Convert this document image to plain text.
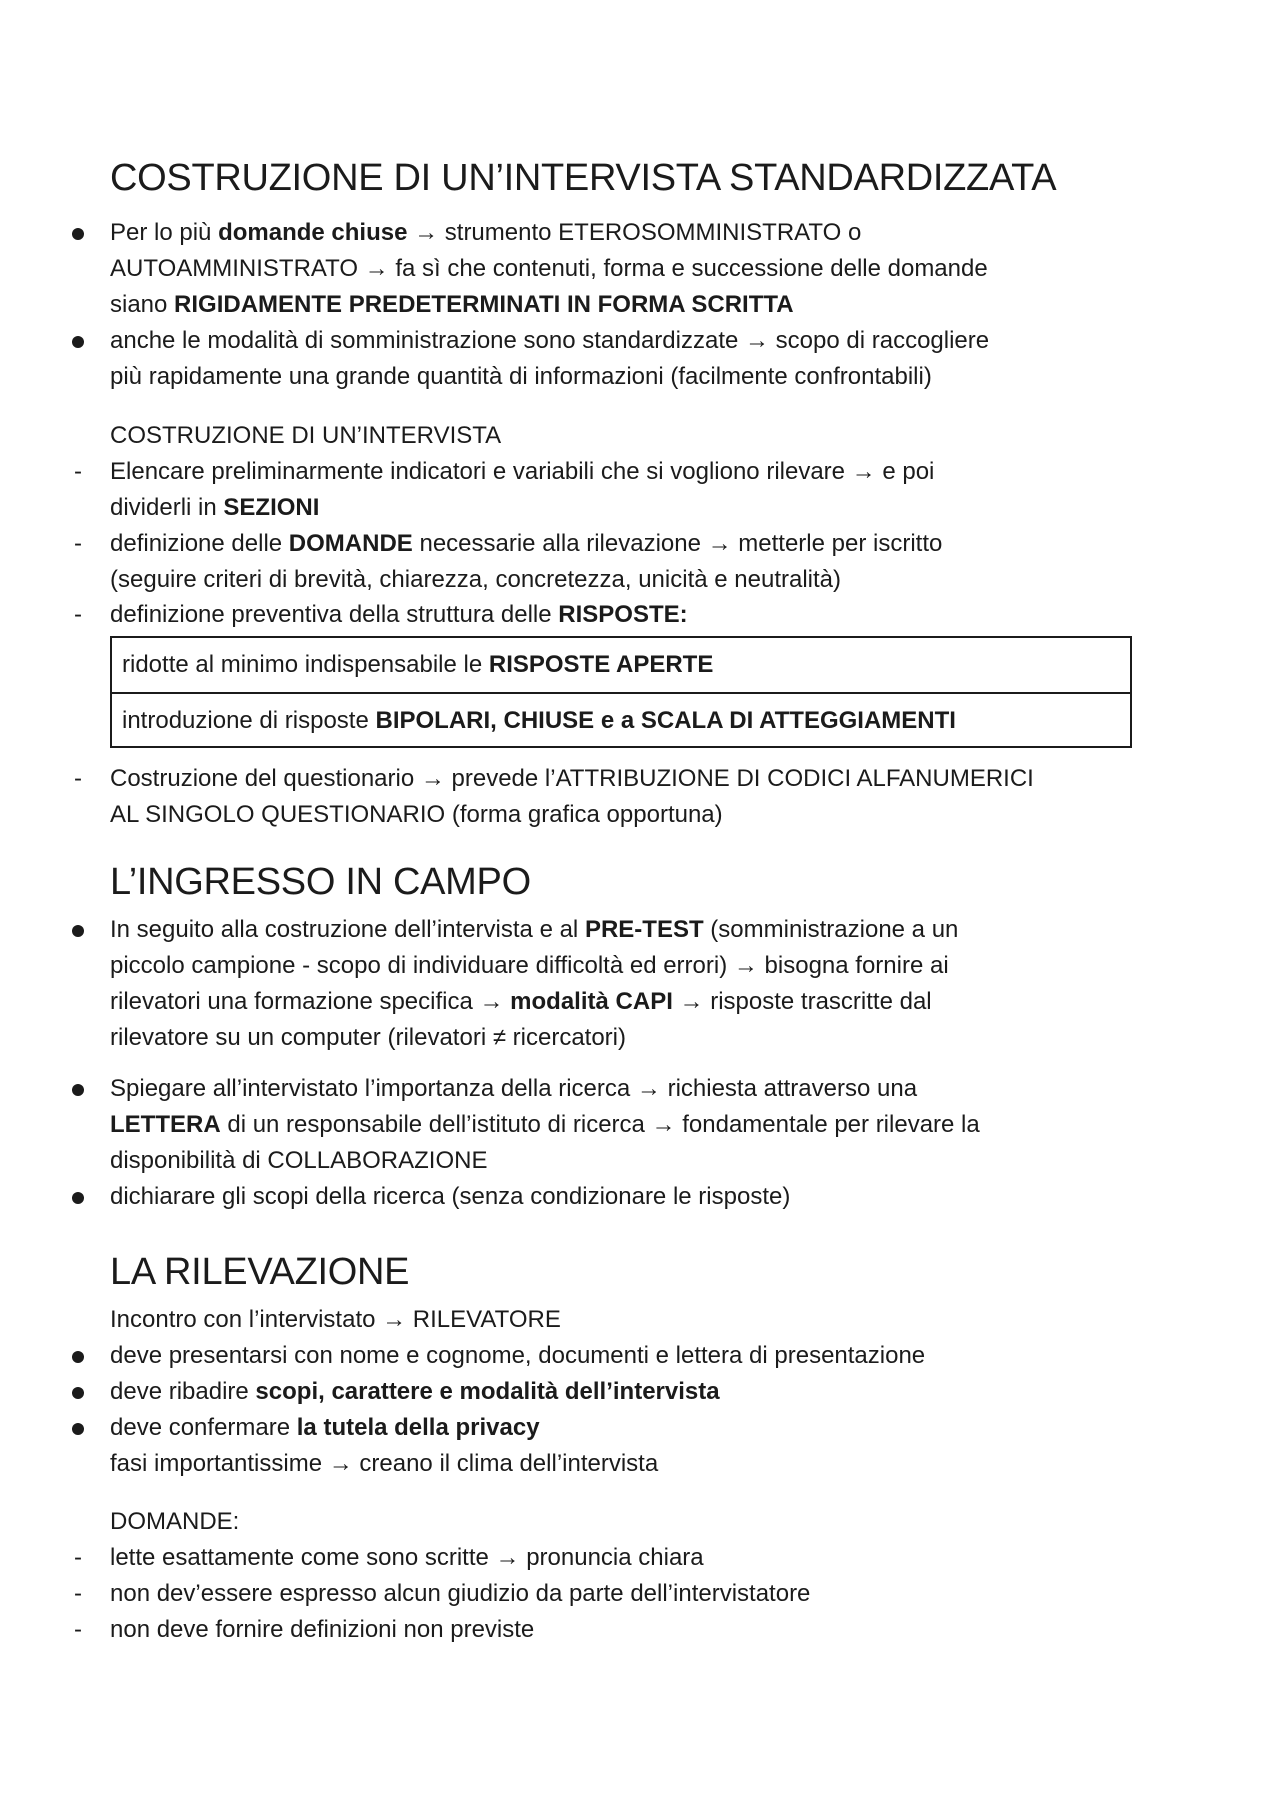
COSTRUZIONE DI UN’INTERVISTA STANDARDIZZATA
Per lo più domande chiuse → strumento ETEROSOMMINISTRATO o
AUTOAMMINISTRATO → fa sì che contenuti, forma e successione delle domande
siano RIGIDAMENTE PREDETERMINATI IN FORMA SCRITTA
anche le modalità di somministrazione sono standardizzate → scopo di raccogliere
più rapidamente una grande quantità di informazioni (facilmente confrontabili)
COSTRUZIONE DI UN’INTERVISTA
- Elencare preliminarmente indicatori e variabili che si vogliono rilevare → e poi
dividerli in SEZIONI
- definizione delle DOMANDE necessarie alla rilevazione → metterle per iscritto
(seguire criteri di brevità, chiarezza, concretezza, unicità e neutralità)
- definizione preventiva della struttura delle RISPOSTE:
ridotte al minimo indispensabile le RISPOSTE APERTE
introduzione di risposte BIPOLARI, CHIUSE e a SCALA DI ATTEGGIAMENTI
- Costruzione del questionario → prevede l’ATTRIBUZIONE DI CODICI ALFANUMERICI
AL SINGOLO QUESTIONARIO (forma grafica opportuna)
L’INGRESSO IN CAMPO
In seguito alla costruzione dell’intervista e al PRE-TEST (somministrazione a un
piccolo campione - scopo di individuare difficoltà ed errori) → bisogna fornire ai
rilevatori una formazione specifica → modalità CAPI → risposte trascritte dal
rilevatore su un computer (rilevatori ≠ ricercatori)
Spiegare all’intervistato l’importanza della ricerca → richiesta attraverso una
LETTERA di un responsabile dell’istituto di ricerca → fondamentale per rilevare la
disponibilità di COLLABORAZIONE
dichiarare gli scopi della ricerca (senza condizionare le risposte)
LA RILEVAZIONE
Incontro con l’intervistato → RILEVATORE
deve presentarsi con nome e cognome, documenti e lettera di presentazione
deve ribadire scopi, carattere e modalità dell’intervista
deve confermare la tutela della privacy
fasi importantissime → creano il clima dell’intervista
DOMANDE:
- lette esattamente come sono scritte → pronuncia chiara
- non dev’essere espresso alcun giudizio da parte dell’intervistatore
- non deve fornire definizioni non previste
